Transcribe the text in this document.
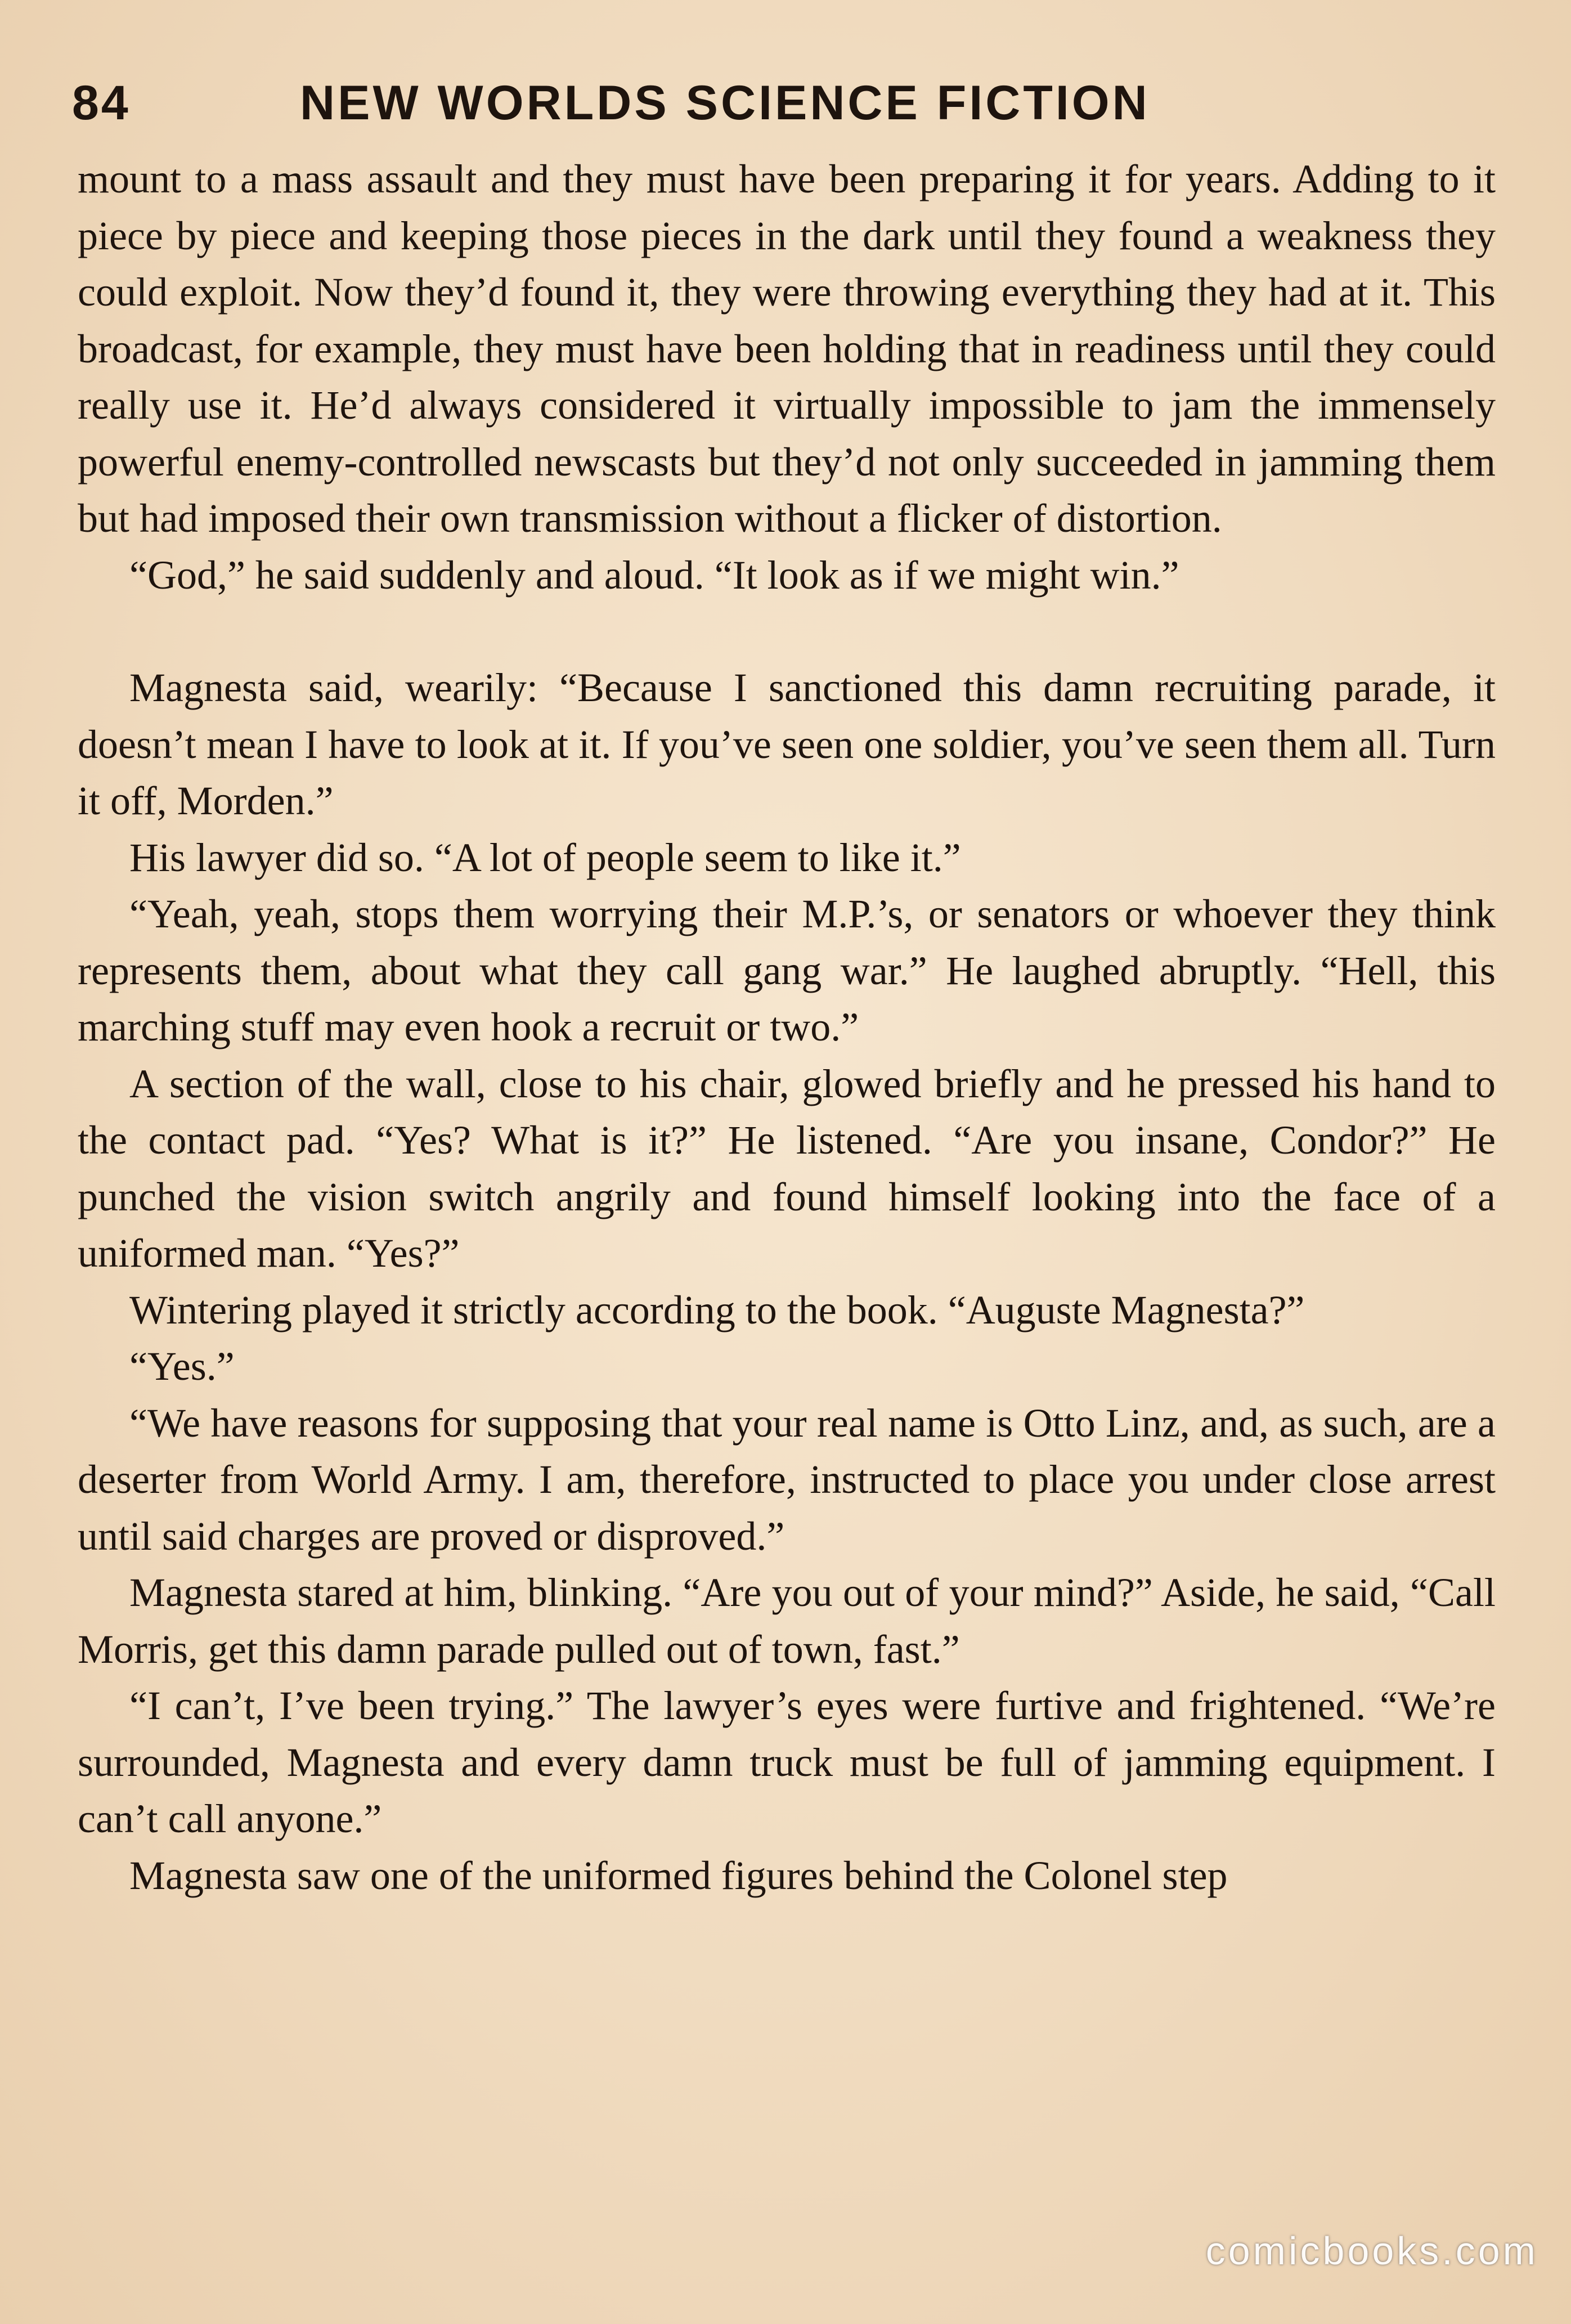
84	NEW WORLDS SCIENCE FICTION

mount to a mass assault and they must have been preparing it for years. Adding to it piece by piece and keeping those pieces in the dark until they found a weakness they could exploit. Now they’d found it, they were throwing everything they had at it. This broadcast, for example, they must have been holding that in readiness until they could really use it. He’d always considered it virtually impossible to jam the immensely powerful enemy-controlled newscasts but they’d not only succeeded in jamming them but had imposed their own transmission without a flicker of distortion.

“God,” he said suddenly and aloud. “It look as if we might win.”

Magnesta said, wearily: “Because I sanctioned this damn recruiting parade, it doesn’t mean I have to look at it. If you’ve seen one soldier, you’ve seen them all. Turn it off, Morden.”

His lawyer did so. “A lot of people seem to like it.”

“Yeah, yeah, stops them worrying their M.P.’s, or senators or whoever they think represents them, about what they call gang war.” He laughed abruptly. “Hell, this marching stuff may even hook a recruit or two.”

A section of the wall, close to his chair, glowed briefly and he pressed his hand to the contact pad. “Yes? What is it?” He listened. “Are you insane, Condor?” He punched the vision switch angrily and found himself looking into the face of a uniformed man. “Yes?”

Wintering played it strictly according to the book. “Auguste Magnesta?”

“Yes.”

“We have reasons for supposing that your real name is Otto Linz, and, as such, are a deserter from World Army. I am, therefore, instructed to place you under close arrest until said charges are proved or disproved.”

Magnesta stared at him, blinking. “Are you out of your mind?” Aside, he said, “Call Morris, get this damn parade pulled out of town, fast.”

“I can’t, I’ve been trying.” The lawyer’s eyes were furtive and frightened. “We’re surrounded, Magnesta and every damn truck must be full of jamming equipment. I can’t call anyone.”

Magnesta saw one of the uniformed figures behind the Colonel step

comicbooks.com
